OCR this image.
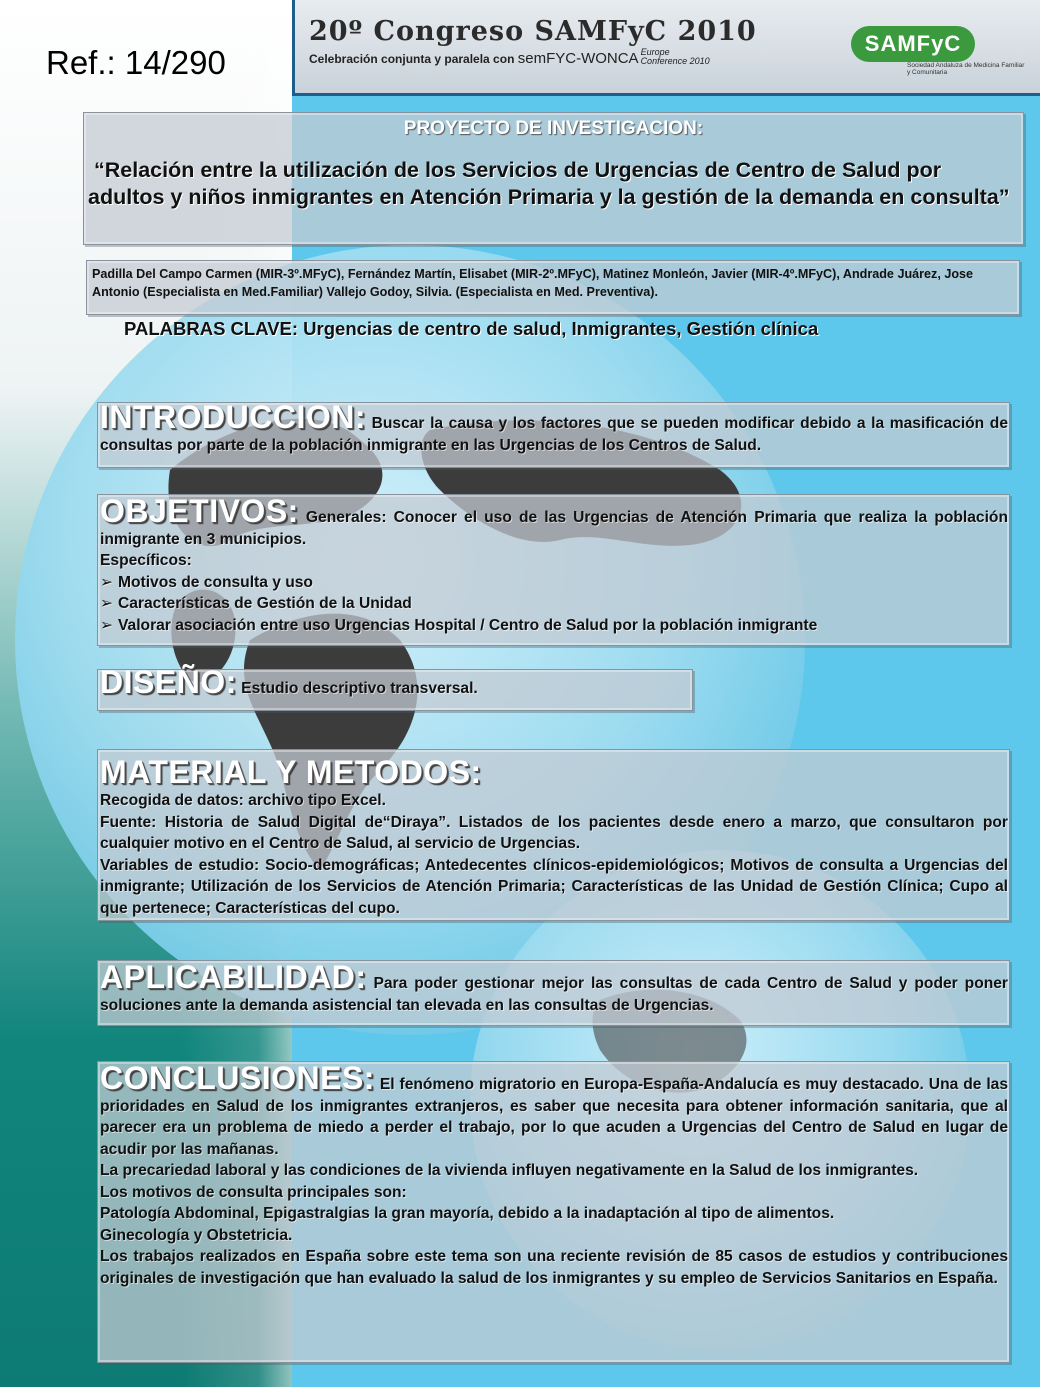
Ref.: 14/290
20º Congreso SAMFyC 2010
Celebración conjunta y paralela con semFYC-WONCA Europe
Conference 2010
SAMFyC
Sociedad Andaluza de Medicina Familiar y Comunitaria
PROYECTO DE INVESTIGACION:
“Relación entre la utilización de los Servicios de Urgencias de Centro de Salud por adultos y niños inmigrantes en Atención Primaria y la gestión de la demanda en consulta”
Padilla Del Campo Carmen (MIR-3º.MFyC), Fernández Martín, Elisabet (MIR-2º.MFyC), Matinez Monleón, Javier (MIR-4º.MFyC), Andrade Juárez, Jose Antonio (Especialista en Med.Familiar) Vallejo Godoy, Silvia. (Especialista en Med. Preventiva).
PALABRAS CLAVE: Urgencias de centro de salud, Inmigrantes, Gestión clínica
INTRODUCCION: Buscar la causa y los factores que se pueden modificar debido a la masificación de consultas por parte de la población inmigrante en las Urgencias de los Centros de Salud.
OBJETIVOS: Generales: Conocer el uso de las Urgencias de Atención Primaria que realiza la población inmigrante en 3 municipios.
Específicos:
➢ Motivos de consulta y uso
➢ Características de Gestión de la Unidad
➢ Valorar asociación entre uso Urgencias Hospital / Centro de Salud por la población inmigrante
DISEÑO: Estudio descriptivo transversal.
MATERIAL Y METODOS:
Recogida de datos: archivo tipo Excel.
Fuente: Historia de Salud Digital de“Diraya”. Listados de los pacientes desde enero a marzo, que consultaron por cualquier motivo en el Centro de Salud, al servicio de Urgencias.
Variables de estudio: Socio-demográficas; Antedecentes clínicos-epidemiológicos; Motivos de consulta a Urgencias del inmigrante; Utilización de los Servicios de Atención Primaria; Características de las Unidad de Gestión Clínica; Cupo al que pertenece; Características del cupo.
APLICABILIDAD: Para poder gestionar mejor las consultas de cada Centro de Salud y poder poner soluciones ante la demanda asistencial tan elevada en las consultas de Urgencias.
CONCLUSIONES: El fenómeno migratorio en Europa-España-Andalucía es muy destacado. Una de las prioridades en Salud de los inmigrantes extranjeros, es saber que necesita para obtener información sanitaria, que al parecer era un problema de miedo a perder el trabajo, por lo que acuden a Urgencias del Centro de Salud en lugar de acudir por las mañanas.
La precariedad laboral y las condiciones de la vivienda influyen negativamente en la Salud de los inmigrantes.
Los motivos de consulta principales son:
Patología Abdominal, Epigastralgias la gran mayoría, debido a la inadaptación al tipo de alimentos.
Ginecología y Obstetricia.
Los trabajos realizados en España sobre este tema son una reciente revisión de 85 casos de estudios y contribuciones originales de investigación que han evaluado la salud de los inmigrantes y su empleo de Servicios Sanitarios en España.
